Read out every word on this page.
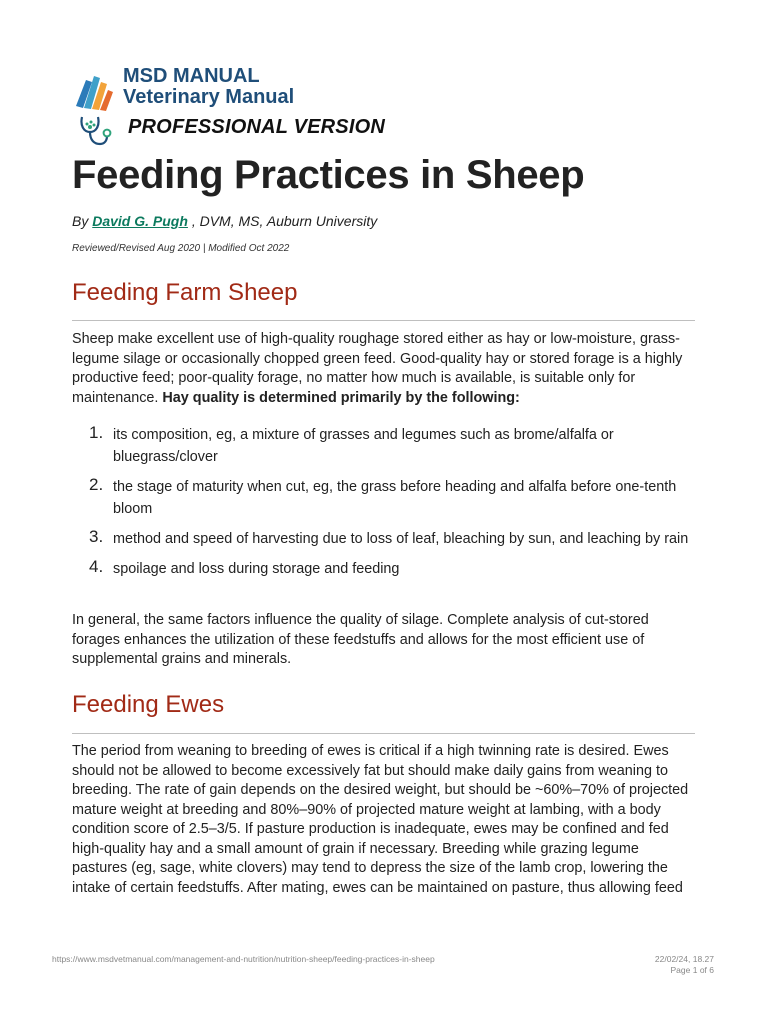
MSD MANUAL
Veterinary Manual
PROFESSIONAL VERSION
Feeding Practices in Sheep
By David G. Pugh , DVM, MS, Auburn University
Reviewed/Revised Aug 2020 | Modified Oct 2022
Feeding Farm Sheep

Sheep make excellent use of high-quality roughage stored either as hay or low-moisture, grass-legume silage or occasionally chopped green feed. Good-quality hay or stored forage is a highly productive feed; poor-quality forage, no matter how much is available, is suitable only for maintenance. Hay quality is determined primarily by the following:

1. its composition, eg, a mixture of grasses and legumes such as brome/alfalfa or bluegrass/clover
2. the stage of maturity when cut, eg, the grass before heading and alfalfa before one-tenth bloom
3. method and speed of harvesting due to loss of leaf, bleaching by sun, and leaching by rain
4. spoilage and loss during storage and feeding

In general, the same factors influence the quality of silage. Complete analysis of cut-stored forages enhances the utilization of these feedstuffs and allows for the most efficient use of supplemental grains and minerals.

Feeding Ewes

The period from weaning to breeding of ewes is critical if a high twinning rate is desired. Ewes should not be allowed to become excessively fat but should make daily gains from weaning to breeding. The rate of gain depends on the desired weight, but should be ~60%–70% of projected mature weight at breeding and 80%–90% of projected mature weight at lambing, with a body condition score of 2.5–3/5. If pasture production is inadequate, ewes may be confined and fed high-quality hay and a small amount of grain if necessary. Breeding while grazing legume pastures (eg, sage, white clovers) may tend to depress the size of the lamb crop, lowering the intake of certain feedstuffs. After mating, ewes can be maintained on pasture, thus allowing feed

https://www.msdvetmanual.com/management-and-nutrition/nutrition-sheep/feeding-practices-in-sheep	22/02/24, 18.27
Page 1 of 6
